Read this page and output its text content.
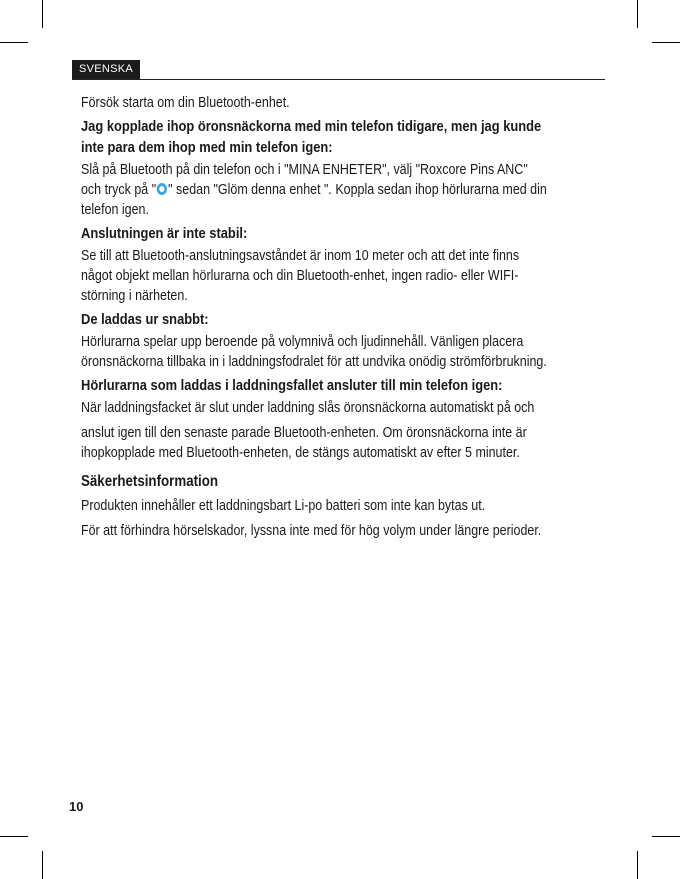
SVENSKA

Försök starta om din Bluetooth-enhet.

Jag kopplade ihop öronsnäckorna med min telefon tidigare, men jag kunde

inte para dem ihop med min telefon igen:

Slå på Bluetooth på din telefon och i "MINA ENHETER", välj "Roxcore Pins ANC"

och tryck på " " sedan "Glöm denna enhet ". Koppla sedan ihop hörlurarna med din

telefon igen.

Anslutningen är inte stabil:

Se till att Bluetooth-anslutningsavståndet är inom 10 meter och att det inte finns

något objekt mellan hörlurarna och din Bluetooth-enhet, ingen radio- eller WIFI-

störning i närheten.

De laddas ur snabbt:

Hörlurarna spelar upp beroende på volymnivå och ljudinnehåll. Vänligen placera

öronsnäckorna tillbaka in i laddningsfodralet för att undvika onödig strömförbrukning.

Hörlurarna som laddas i laddningsfallet ansluter till min telefon igen:

När laddningsfacket är slut under laddning slås öronsnäckorna automatiskt på och

anslut igen till den senaste parade Bluetooth-enheten. Om öronsnäckorna inte är

ihopkopplade med Bluetooth-enheten, de stängs automatiskt av efter 5 minuter.

Säkerhetsinformation

Produkten innehåller ett laddningsbart Li-po batteri som inte kan bytas ut.

För att förhindra hörselskador, lyssna inte med för hög volym under längre perioder.

10
